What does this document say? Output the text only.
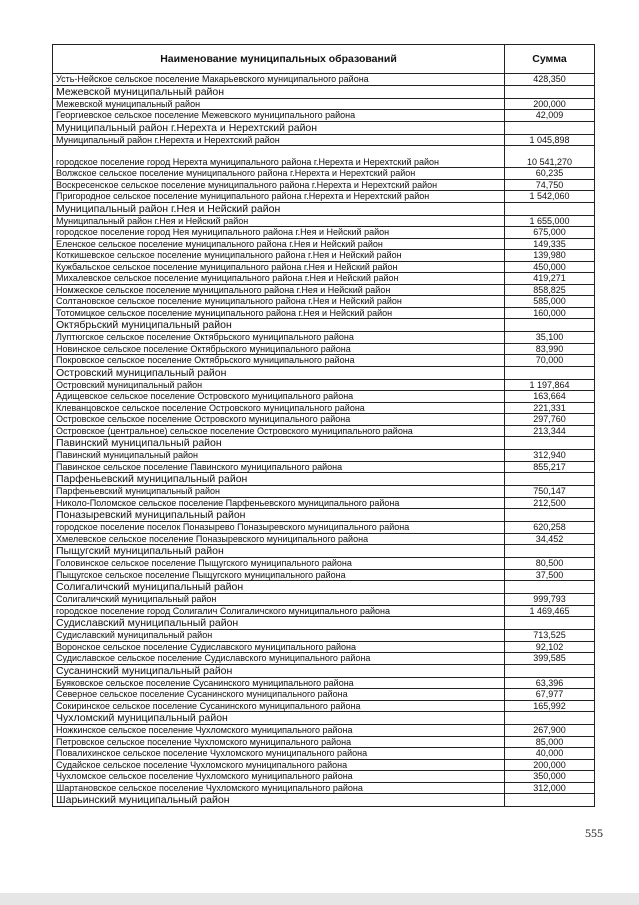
Наименование муниципальных образований	Сумма
Усть-Нейское сельское поселение Макарьевского муниципального района	428,350
Межевской муниципальный район	
Межевской муниципальный район	200,000
Георгиевское сельское поселение Межевского муниципального района	42,009
Муниципальный район г.Нерехта и Нерехтский район	
Муниципальный район г.Нерехта и Нерехтский район	1 045,898
городское поселение город Нерехта муниципального района г.Нерехта и Нерехтский район	10 541,270
Волжское сельское поселение муниципального района г.Нерехта и Нерехтский район	60,235
Воскресенское сельское поселение муниципального района г.Нерехта и Нерехтский район	74,750
Пригородное сельское поселение муниципального района г.Нерехта и Нерехтский район	1 542,060
Муниципальный район г.Нея и Нейский район	
Муниципальный район г.Нея и Нейский район	1 655,000
городское поселение город Нея муниципального района г.Нея и Нейский район	675,000
Еленское сельское поселение муниципального района г.Нея и Нейский район	149,335
Коткишевское сельское поселение муниципального района г.Нея и Нейский район	139,980
Кужбальское сельское поселение муниципального района г.Нея и Нейский район	450,000
Михалевское сельское поселение муниципального района г.Нея и Нейский район	419,271
Номжеское сельское поселение муниципального района г.Нея и Нейский район	858,825
Солтановское сельское поселение муниципального района г.Нея и Нейский район	585,000
Тотомицкое сельское поселение муниципального района г.Нея и Нейский район	160,000
Октябрьский муниципальный район	
Луптюгское сельское поселение Октябрьского муниципального района	35,100
Новинское сельское поселение Октябрьского муниципального района	83,990
Покровское сельское поселение Октябрьского муниципального района	70,000
Островский муниципальный район	
Островский муниципальный район	1 197,864
Адищевское сельское поселение Островского муниципального района	163,664
Клеванцовское сельское поселение Островского муниципального района	221,331
Островское сельское поселение Островского муниципального района	297,760
Островское (центральное) сельское поселение Островского муниципального района	213,344
Павинский муниципальный район	
Павинский муниципальный район	312,940
Павинское сельское поселение Павинского муниципального района	855,217
Парфеньевский муниципальный район	
Парфеньевский муниципальный район	750,147
Николо-Поломское сельское поселение Парфеньевского муниципального района	212,500
Поназыревский муниципальный район	
городское поселение поселок Поназырево Поназыревского муниципального района	620,258
Хмелевское сельское поселение Поназыревского муниципального района	34,452
Пыщугский муниципальный район	
Головинское сельское поселение Пыщугского муниципального района	80,500
Пыщугское сельское поселение Пыщугского муниципального района	37,500
Солигаличский муниципальный район	
Солигаличский муниципальный район	999,793
городское поселение город Солигалич Солигаличского муниципального района	1 469,465
Судиславский муниципальный район	
Судиславский муниципальный район	713,525
Воронское сельское поселение Судиславского муниципального района	92,102
Судиславское сельское поселение Судиславского муниципального района	399,585
Сусанинский муниципальный район	
Буяковское сельское поселение Сусанинского муниципального района	63,396
Северное сельское поселение Сусанинского муниципального района	67,977
Сокиринское сельское поселение Сусанинского муниципального района	165,992
Чухломский муниципальный район	
Ножкинское сельское поселение Чухломского муниципального района	267,900
Петровское сельское поселение Чухломского муниципального района	85,000
Повалихинское сельское поселение Чухломского муниципального района	40,000
Судайское сельское поселение Чухломского муниципального района	200,000
Чухломское сельское поселение Чухломского муниципального района	350,000
Шартановское сельское поселение Чухломского муниципального района	312,000
Шарьинский муниципальный район	
555
